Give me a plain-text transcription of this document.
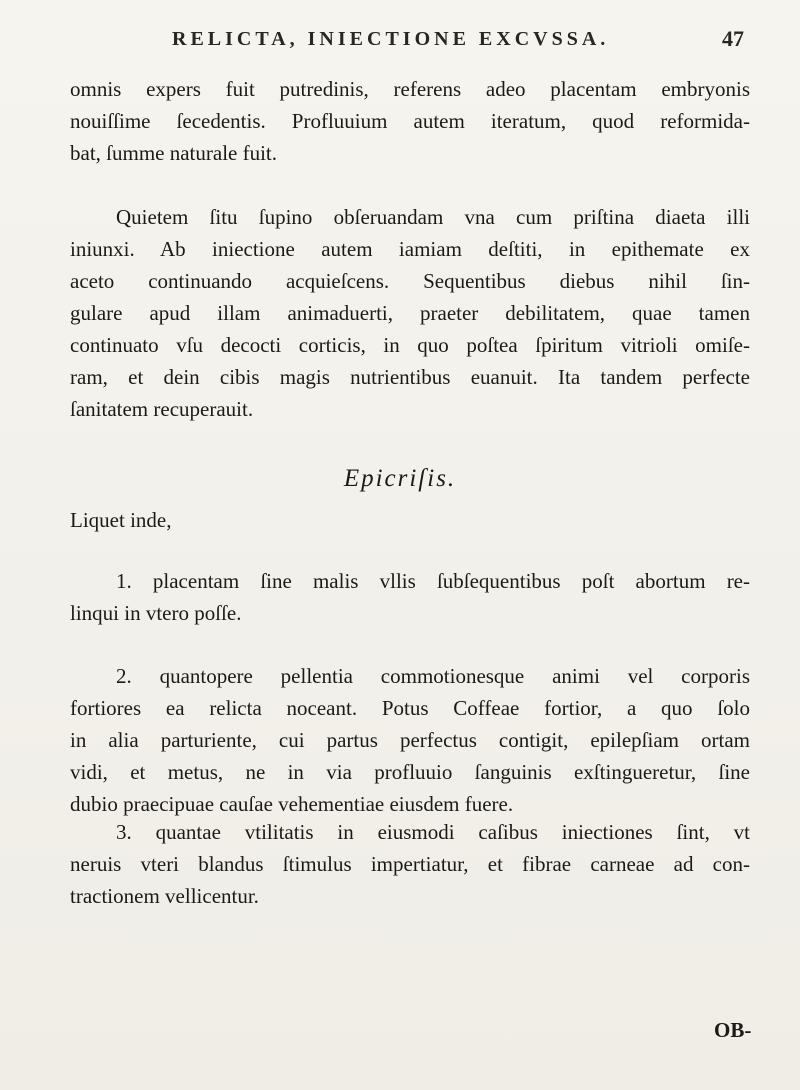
RELICTA, INIECTIONE EXCVSSA.	47
omnis expers fuit putredinis, referens adeo placentam embryonis
nouiſſime ſecedentis. Profluuium autem iteratum, quod reformida-
bat, ſumme naturale fuit.
Quietem ſitu ſupino obſeruandam vna cum priſtina diaeta illi
iniunxi. Ab iniectione autem iamiam deſtiti, in epithemate ex
aceto continuando acquieſcens. Sequentibus diebus nihil ſin-
gulare apud illam animaduerti, praeter debilitatem, quae tamen
continuato vſu decocti corticis, in quo poſtea ſpiritum vitrioli omiſe-
ram, et dein cibis magis nutrientibus euanuit. Ita tandem perfecte
ſanitatem recuperauit.
Epicriſis.
Liquet inde,
1. placentam ſine malis vllis ſubſequentibus poſt abortum re-
linqui in vtero poſſe.
2. quantopere pellentia commotionesque animi vel corporis
fortiores ea relicta noceant. Potus Coffeae fortior, a quo ſolo
in alia parturiente, cui partus perfectus contigit, epilepſiam ortam
vidi, et metus, ne in via profluuio ſanguinis exſtingueretur, ſine
dubio praecipuae cauſae vehementiae eiusdem fuere.
3. quantae vtilitatis in eiusmodi caſibus iniectiones ſint, vt
neruis vteri blandus ſtimulus impertiatur, et fibrae carneae ad con-
tractionem vellicentur.
OB-
